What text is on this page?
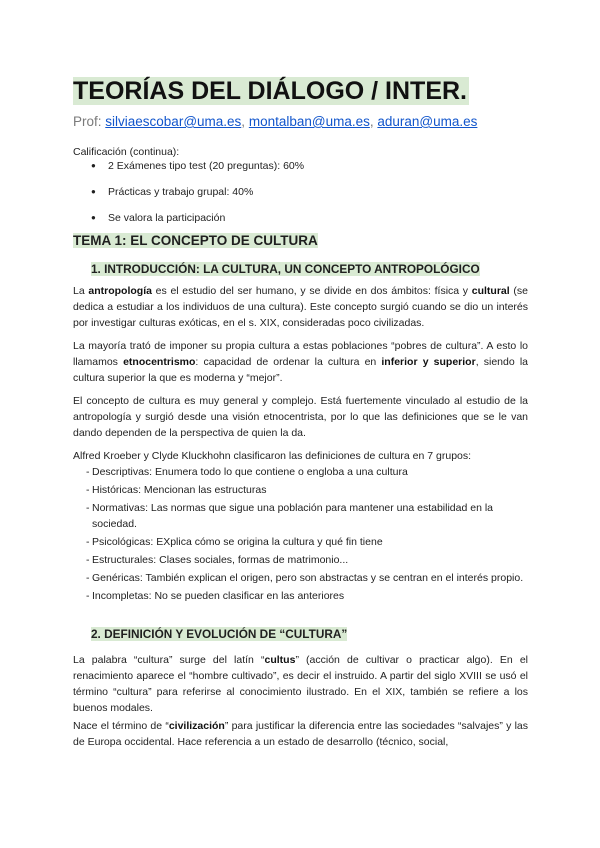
TEORÍAS DEL DIÁLOGO / INTER.
Prof: silviaescobar@uma.es, montalban@uma.es, aduran@uma.es
Calificación (continua):
● 2 Exámenes tipo test (20 preguntas): 60%
● Prácticas y trabajo grupal: 40%
● Se valora la participación
TEMA 1: EL CONCEPTO DE CULTURA
1. INTRODUCCIÓN: LA CULTURA, UN CONCEPTO ANTROPOLÓGICO

La antropología es el estudio del ser humano, y se divide en dos ámbitos: física y cultural (se dedica a estudiar a los individuos de una cultura). Este concepto surgió cuando se dio un interés por investigar culturas exóticas, en el s. XIX, consideradas poco civilizadas.

La mayoría trató de imponer su propia cultura a estas poblaciones “pobres de cultura”. A esto lo llamamos etnocentrismo: capacidad de ordenar la cultura en inferior y superior, siendo la cultura superior la que es moderna y “mejor”.

El concepto de cultura es muy general y complejo. Está fuertemente vinculado al estudio de la antropología y surgió desde una visión etnocentrista, por lo que las definiciones que se le van dando dependen de la perspectiva de quien la da.
Alfred Kroeber y Clyde Kluckhohn clasificaron las definiciones de cultura en 7 grupos:
- Descriptivas: Enumera todo lo que contiene o engloba a una cultura
- Históricas: Mencionan las estructuras
- Normativas: Las normas que sigue una población para mantener una estabilidad en la sociedad.
- Psicológicas: EXplica cómo se origina la cultura y qué fin tiene
- Estructurales: Clases sociales, formas de matrimonio...
- Genéricas: También explican el origen, pero son abstractas y se centran en el interés propio.
- Incompletas: No se pueden clasificar en las anteriores
2. DEFINICIÓN Y EVOLUCIÓN DE “CULTURA”

La palabra “cultura” surge del latín “cultus” (acción de cultivar o practicar algo). En el renacimiento aparece el “hombre cultivado”, es decir el instruido. A partir del siglo XVIII se usó el término “cultura” para referirse al conocimiento ilustrado. En el XIX, también se refiere a los buenos modales.

Nace el término de “civilización” para justificar la diferencia entre las sociedades “salvajes” y las de Europa occidental. Hace referencia a un estado de desarrollo (técnico, social,
